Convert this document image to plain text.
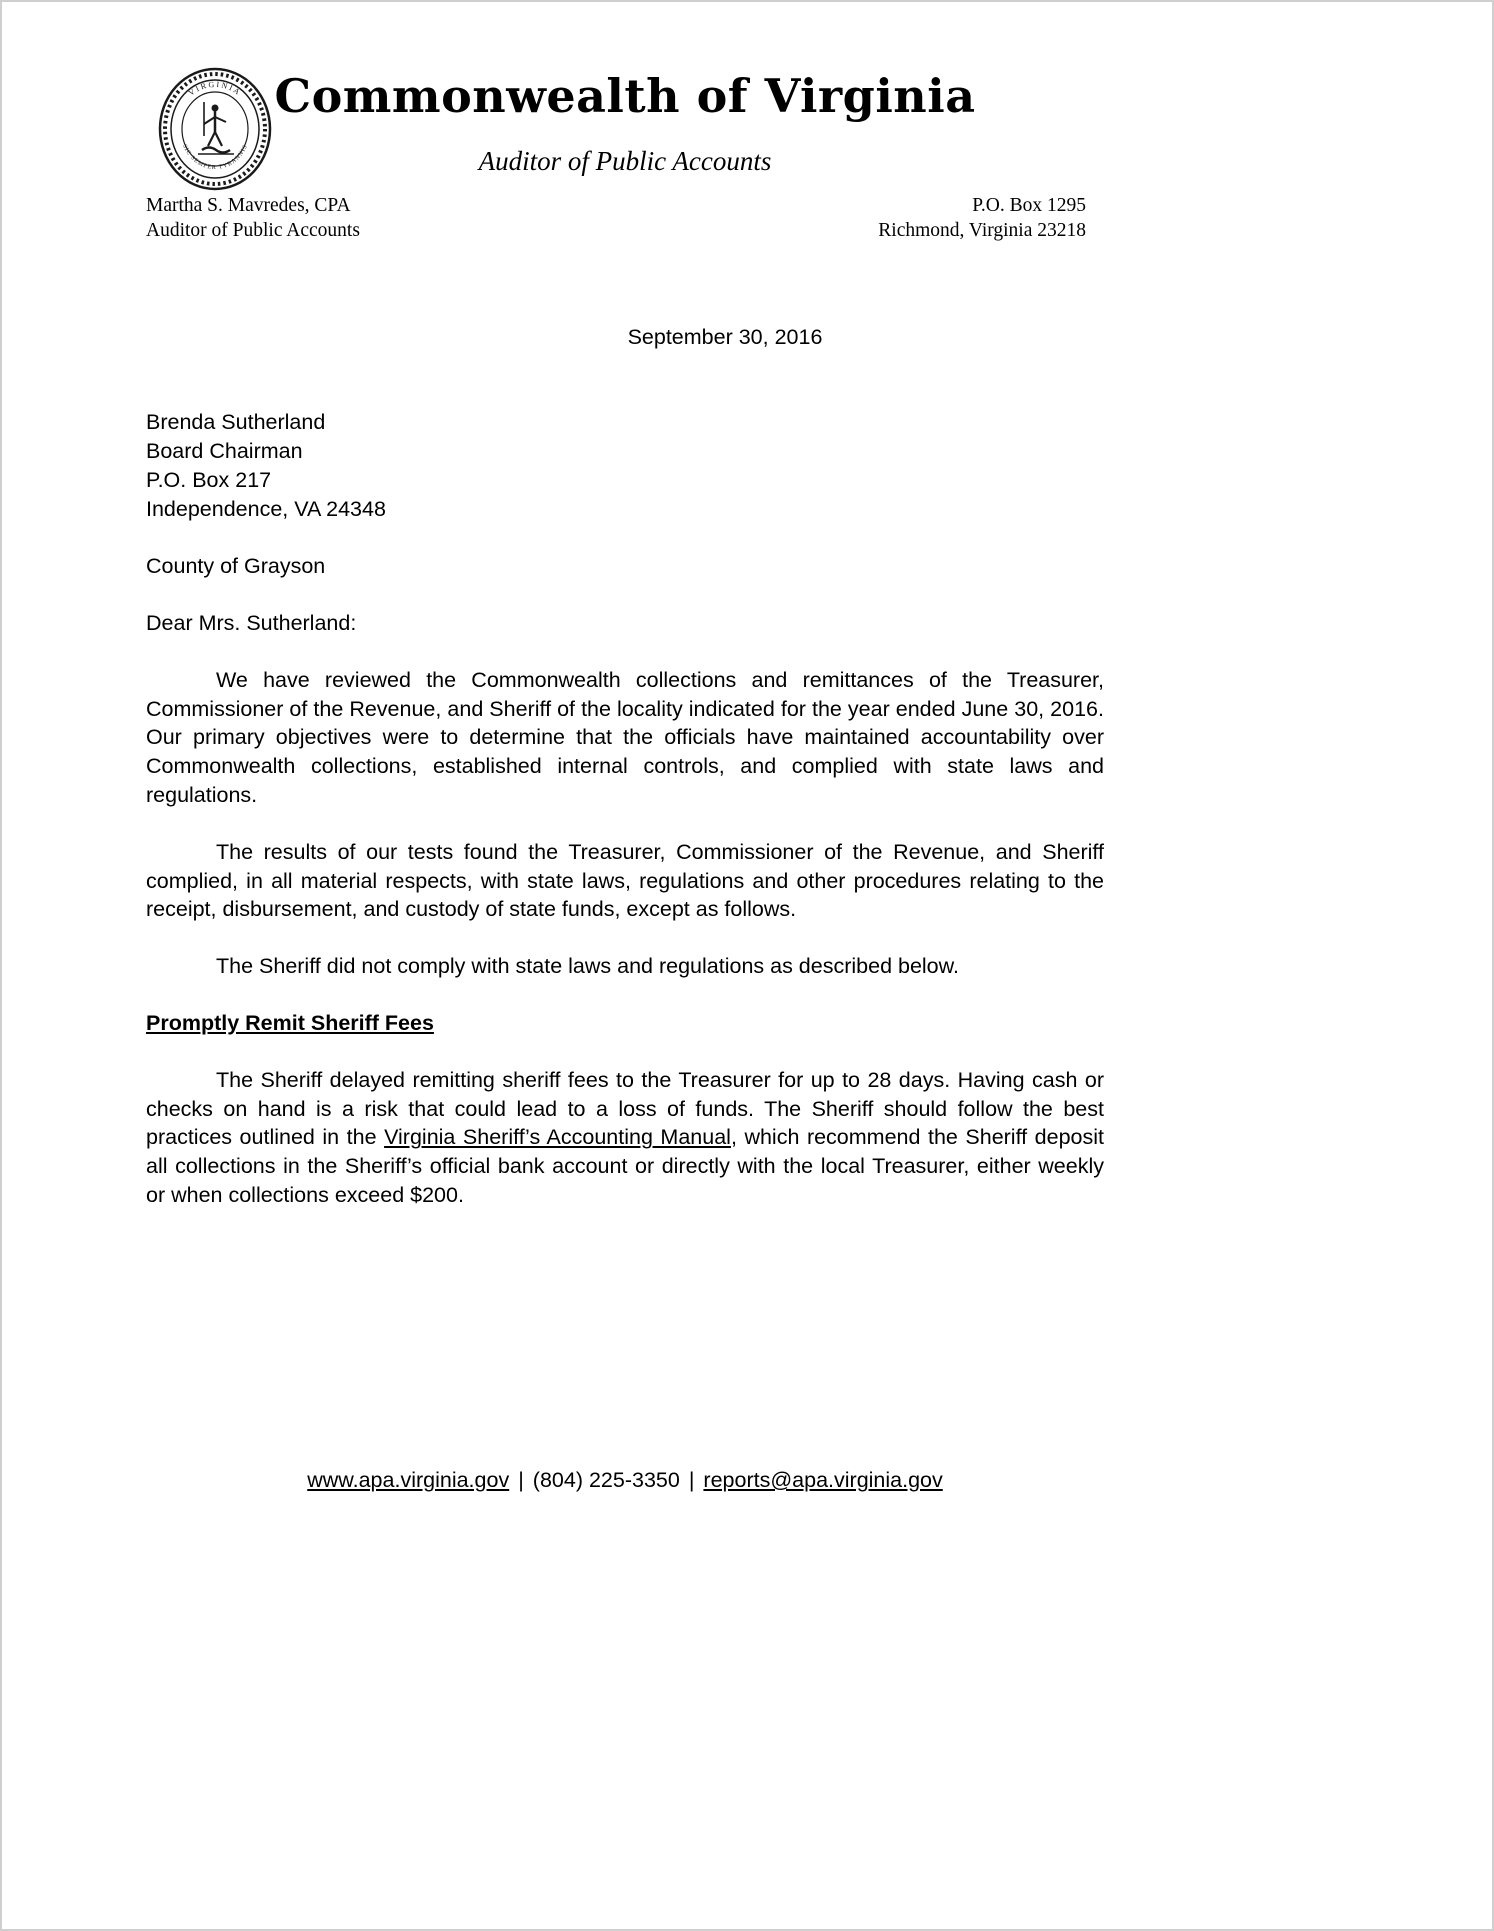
VIRGINIA
SIC SEMPER TYRANNIS
Commonwealth of Virginia
Auditor of Public Accounts
Martha S. Mavredes, CPA
Auditor of Public Accounts
P.O. Box 1295
Richmond, Virginia 23218
September 30, 2016
Brenda Sutherland
Board Chairman
P.O. Box 217
Independence, VA 24348

County of Grayson

Dear Mrs. Sutherland:

We have reviewed the Commonwealth collections and remittances of the Treasurer, Commissioner of the Revenue, and Sheriff of the locality indicated for the year ended June 30, 2016. Our primary objectives were to determine that the officials have maintained accountability over Commonwealth collections, established internal controls, and complied with state laws and regulations.

The results of our tests found the Treasurer, Commissioner of the Revenue, and Sheriff complied, in all material respects, with state laws, regulations and other procedures relating to the receipt, disbursement, and custody of state funds, except as follows.

The Sheriff did not comply with state laws and regulations as described below.

Promptly Remit Sheriff Fees

The Sheriff delayed remitting sheriff fees to the Treasurer for up to 28 days. Having cash or checks on hand is a risk that could lead to a loss of funds. The Sheriff should follow the best practices outlined in the Virginia Sheriff’s Accounting Manual, which recommend the Sheriff deposit all collections in the Sheriff’s official bank account or directly with the local Treasurer, either weekly or when collections exceed $200.

www.apa.virginia.gov | (804) 225-3350 | reports@apa.virginia.gov
